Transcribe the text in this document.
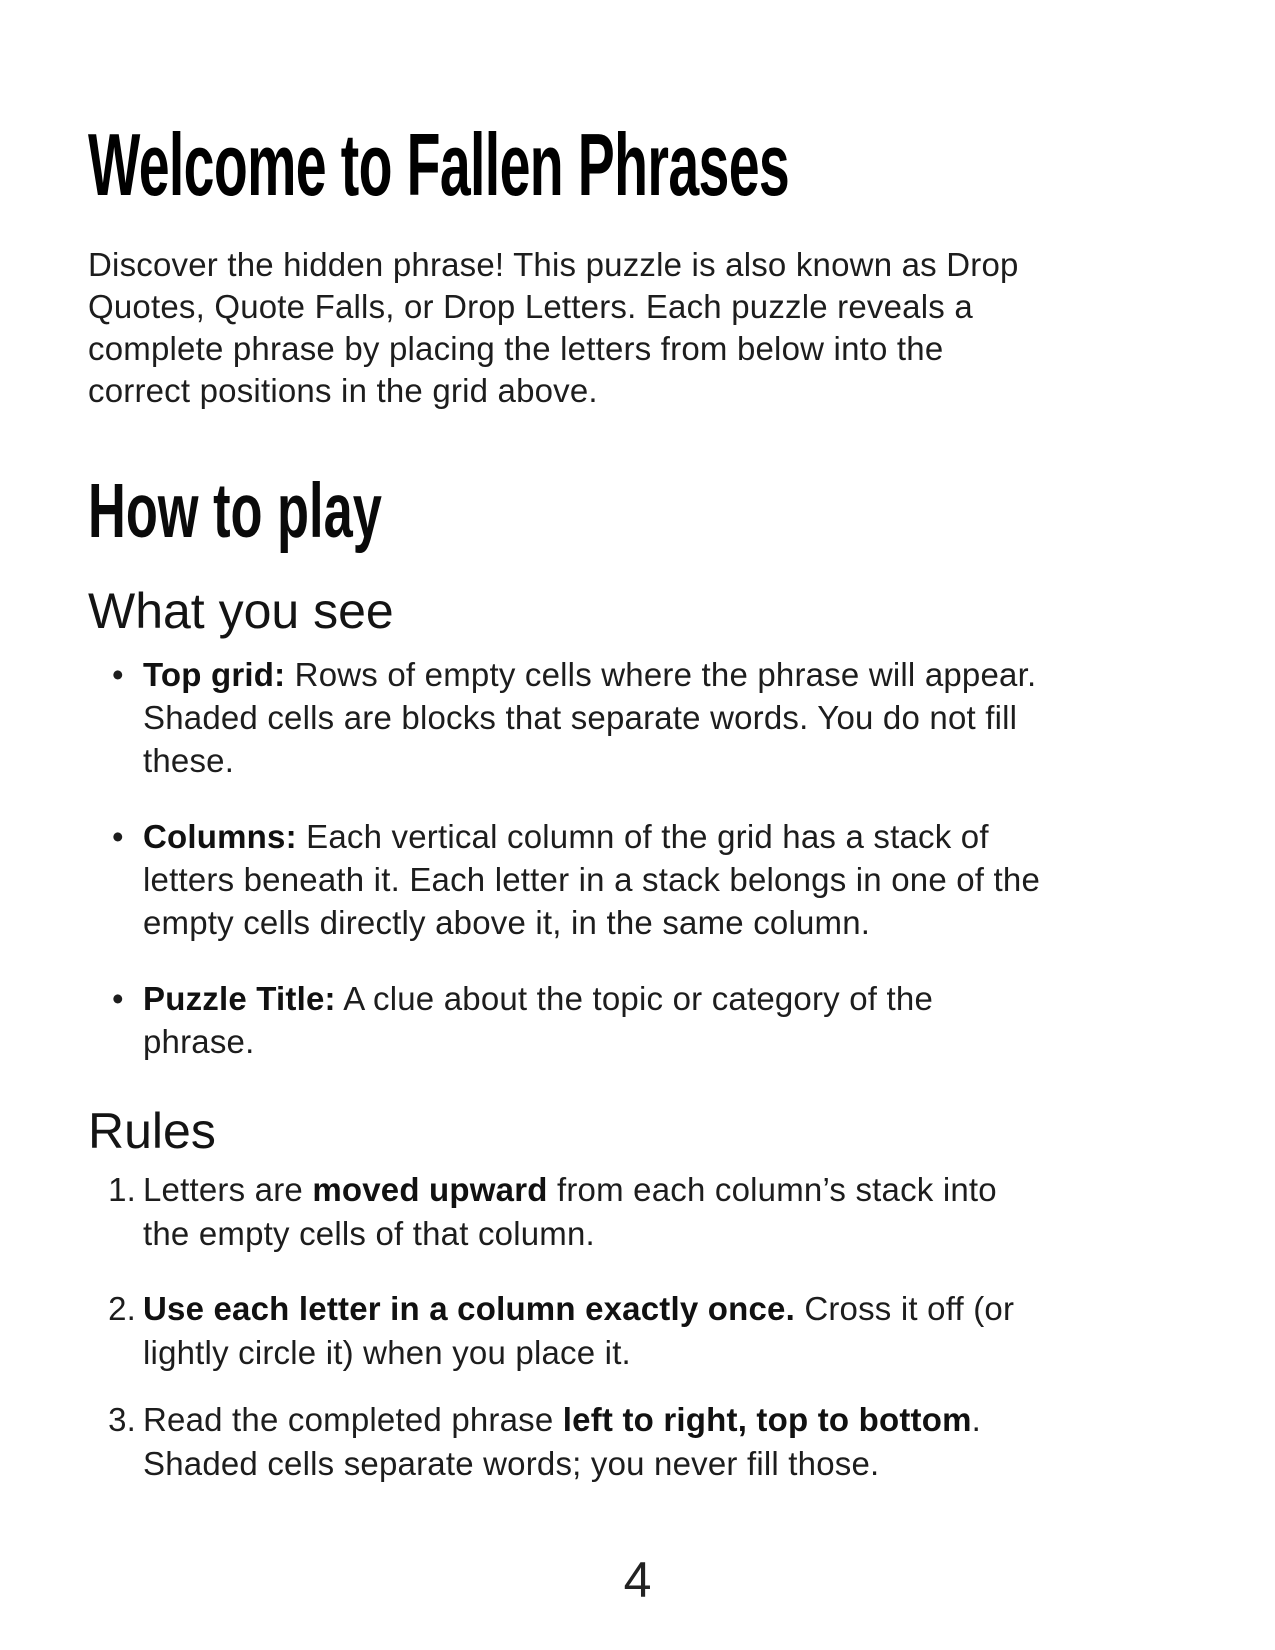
Welcome to Fallen Phrases
Discover the hidden phrase! This puzzle is also known as Drop
Quotes, Quote Falls, or Drop Letters. Each puzzle reveals a
complete phrase by placing the letters from below into the
correct positions in the grid above.
How to play
What you see
• Top grid: Rows of empty cells where the phrase will appear.
Shaded cells are blocks that separate words. You do not fill
these.
• Columns: Each vertical column of the grid has a stack of
letters beneath it. Each letter in a stack belongs in one of the
empty cells directly above it, in the same column.
• Puzzle Title: A clue about the topic or category of the
phrase.
Rules
1. Letters are moved upward from each column’s stack into
the empty cells of that column.
2. Use each letter in a column exactly once. Cross it off (or
lightly circle it) when you place it.
3. Read the completed phrase left to right, top to bottom.
Shaded cells separate words; you never fill those.
4
